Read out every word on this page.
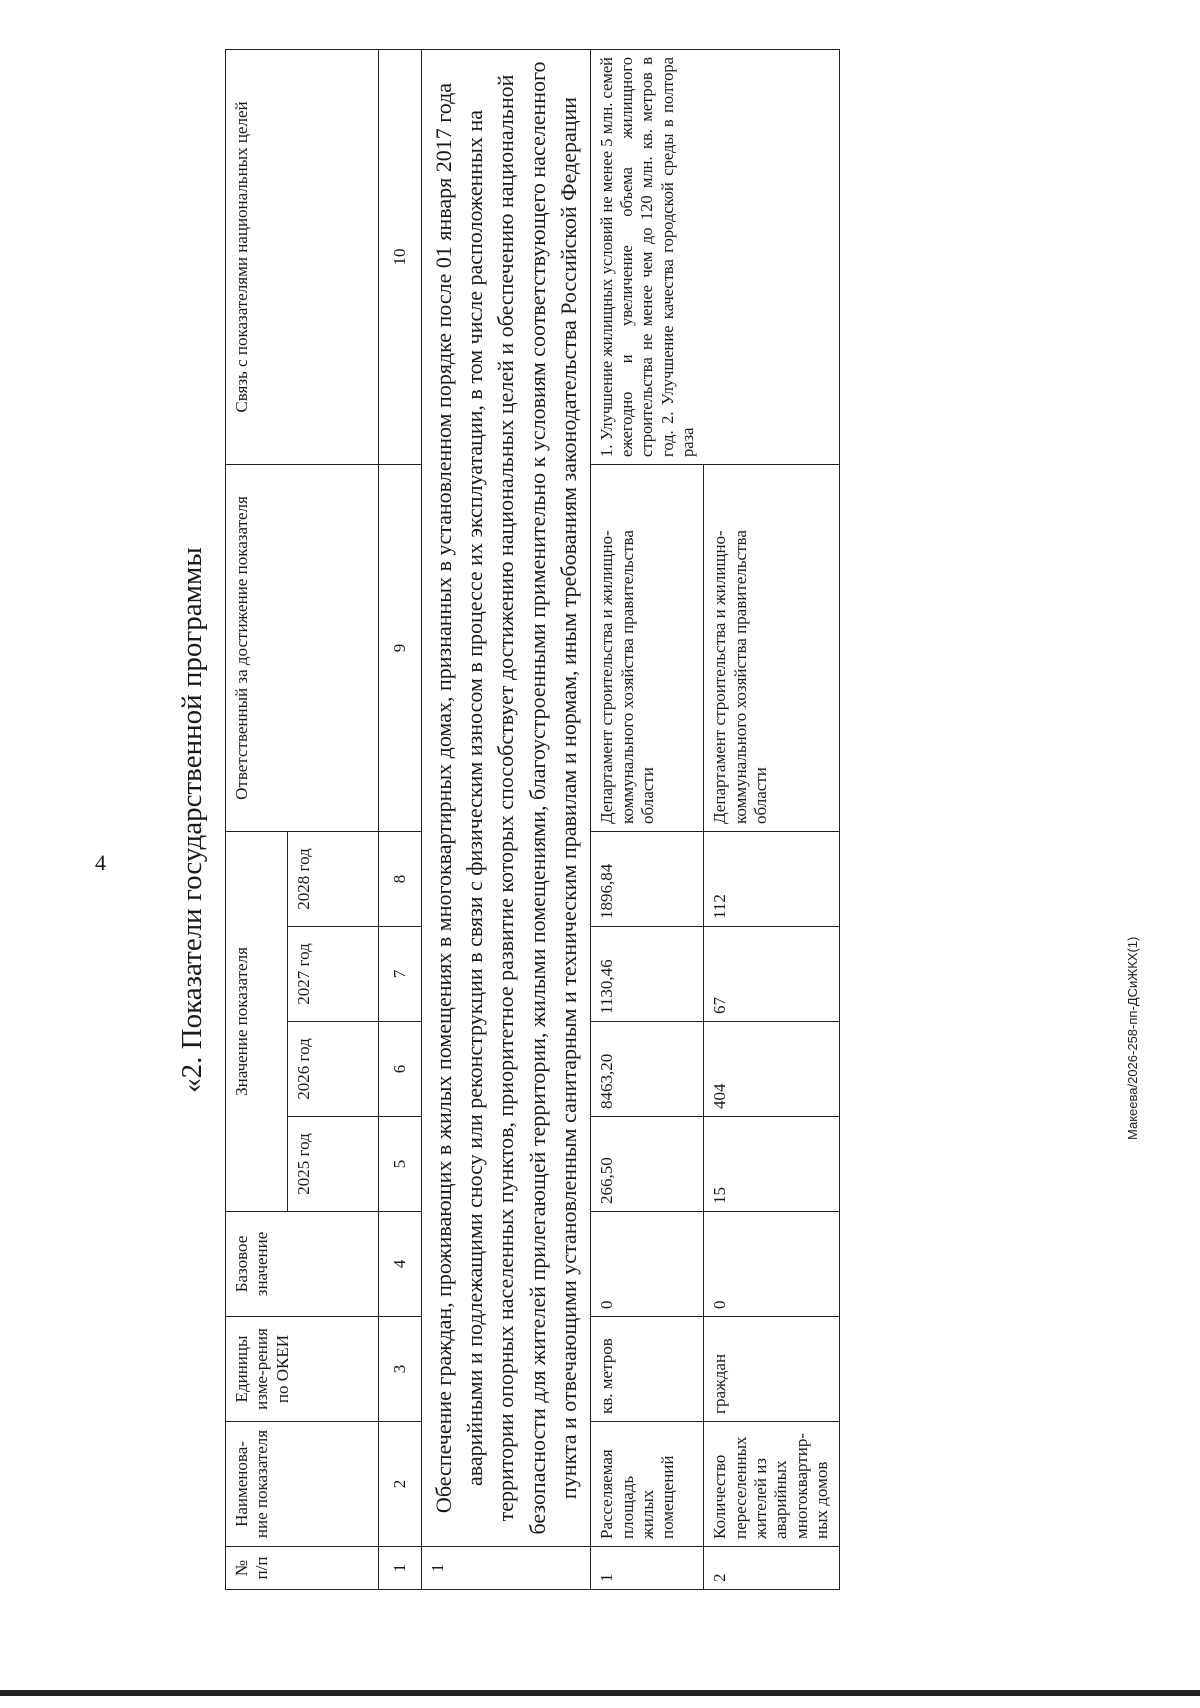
4 «2. Показатели государственной программы
№ п/п	Наименова-ние показателя	Единицы изме-рения по ОКЕИ	Базовое значение	Значение показателя				Ответственный за достижение показателя	Связь с показателями национальных целей
				2025 год	2026 год	2027 год	2028 год		
1	2	3	4	5	6	7	8	9	10
1	Обеспечение граждан, проживающих в жилых помещениях в многоквартирных домах, признанных в установленном порядке после 01 января 2017 года аварийными и подлежащими сносу или реконструкции в связи с физическим износом в процессе их эксплуатации, в том числе расположенных на территории опорных населенных пунктов, приоритетное развитие которых способствует достижению национальных целей и обеспечению национальной безопасности для жителей прилегающей территории, жилыми помещениями, благоустроенными применительно к условиям соответствующего населенного пункта и отвечающими установленным санитарным и техническим правилам и нормам, иным требованиям законодательства Российской Федерации								
1	Расселяемая площадь жилых помещений	кв. метров	0	266,50	8463,20	1130,46	1896,84	Департамент строительства и жилищно-коммунального хозяйства правительства области	1. Улучшение жилищных условий не менее 5 млн. семей ежегодно и увеличение объема жилищного строительства не менее чем до 120 млн. кв. метров в год. 2. Улучшение качества городской среды в полтора раза
2	Количество переселенных жителей из аварийных многоквартир-ных домов	граждан	0	15	404	67	112	Департамент строительства и жилищно-коммунального хозяйства правительства области	
Макеева/2026-258-пп-ДСиЖКХ(1)
